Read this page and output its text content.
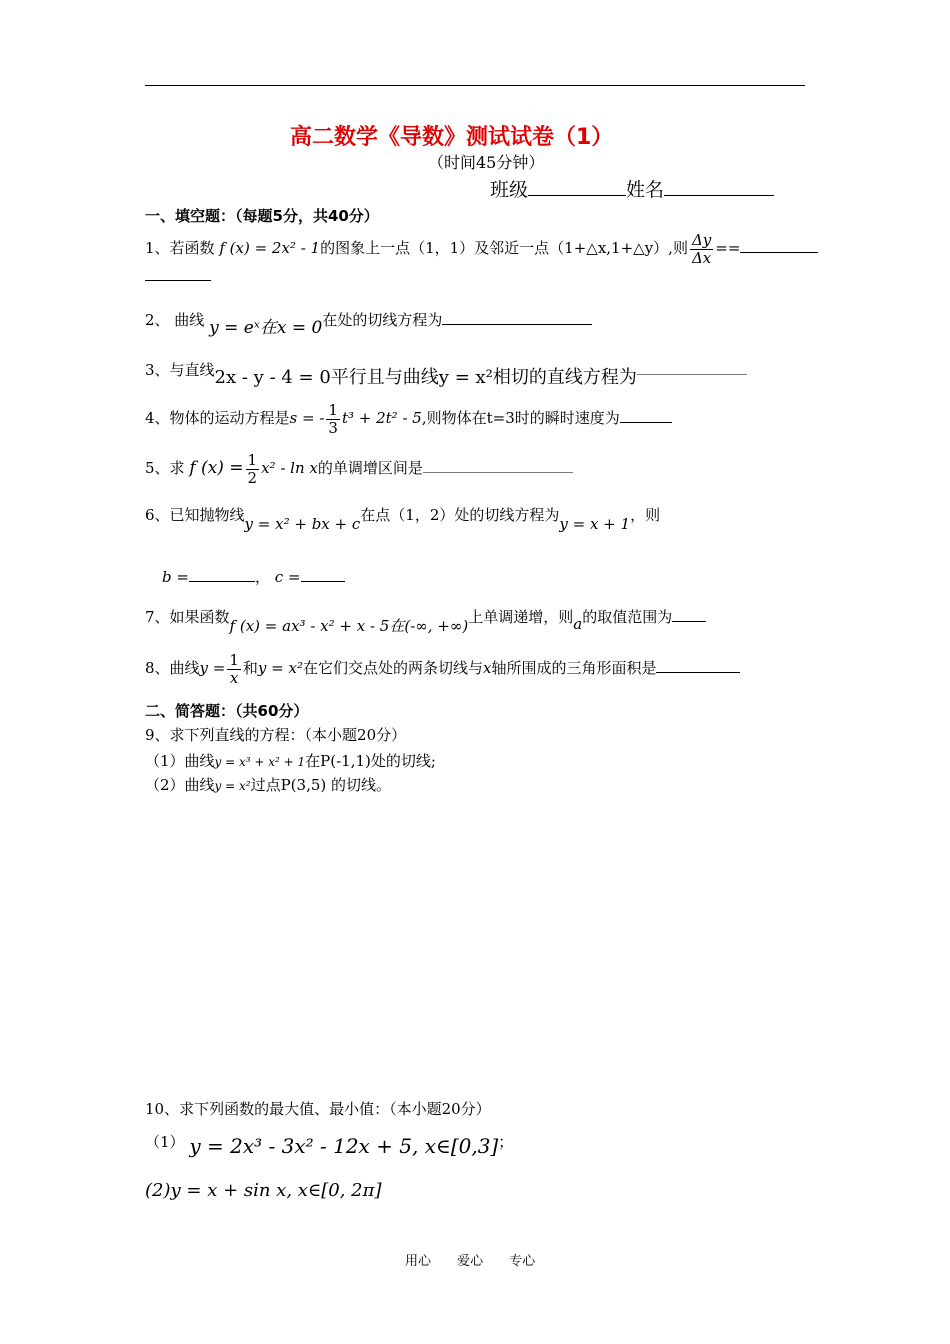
高二数学《导数》测试试卷（1）
（时间45分钟）
班级	姓名
一、填空题：（每题5分，共40分）
1、若函数 f (x) = 2x² - 1的图象上一点（1，1）及邻近一点（1+△x,1+△y）,则 $\frac{\Delta y}{\Delta x}$ ==
2、 曲线 y = eˣ在x = 0在处的切线方程为
3、与直线2x - y - 4 = 0平行且与曲线y = x²相切的直线方程为
4、物体的运动方程是s = - $\frac{1}{3} t^3 + 2t^2 - 5$,则物体在t=3时的瞬时速度为
5、求 f $(x) = \frac{1}{2} x^2 - \ln x$的单调增区间是
6、已知抛物线y = x² + bx + c在点（1，2）处的切线方程为y = x + 1，则
b =	， c =
7、如果函数f (x) = ax³ - x² + x - 5在(-∞, +∞)上单调递增，则a的取值范围为
8、曲线$y = \frac{1}{x}$ 和y = x²在它们交点处的两条切线与x轴所围成的三角形面积是
二、简答题：（共60分）
9、求下列直线的方程：（本小题20分）
（1）曲线y = x³ + x² + 1在P(-1,1)处的切线;
（2）曲线y = x²过点P(3,5) 的切线。
10、求下列函数的最大值、最小值：（本小题20分）
（1） y = 2x³ - 3x² - 12x + 5, x∈[0,3]；
(2)y = x + sin x, x∈[0, 2π]
用心 爱心 专心
